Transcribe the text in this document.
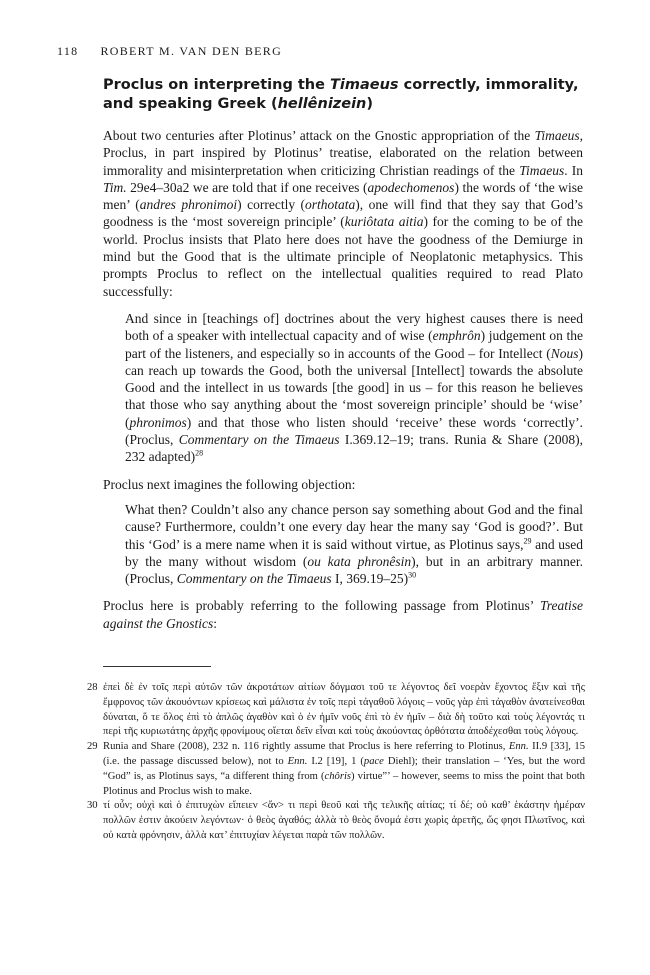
118 ROBERT M. VAN DEN BERG
Proclus on interpreting the Timaeus correctly, immorality, and speaking Greek (hellênizein)

About two centuries after Plotinus’ attack on the Gnostic appropriation of the Timaeus, Proclus, in part inspired by Plotinus’ treatise, elaborated on the relation between immorality and misinterpretation when criticizing Christian readings of the Timaeus. In Tim. 29e4–30a2 we are told that if one receives (apodechomenos) the words of ‘the wise men’ (andres phronimoi) correctly (orthotata), one will find that they say that God’s goodness is the ‘most sovereign principle’ (kuriôtata aitia) for the coming to be of the world. Proclus insists that Plato here does not have the goodness of the Demiurge in mind but the Good that is the ultimate principle of Neoplatonic metaphysics. This prompts Proclus to reflect on the intellectual qualities required to read Plato successfully:

And since in [teachings of] doctrines about the very highest causes there is need both of a speaker with intellectual capacity and of wise (emphrôn) judgement on the part of the listeners, and especially so in accounts of the Good – for Intellect (Nous) can reach up towards the Good, both the universal [Intellect] towards the absolute Good and the intellect in us towards [the good] in us – for this reason he believes that those who say anything about the ‘most sovereign principle’ should be ‘wise’ (phronimos) and that those who listen should ‘receive’ these words ‘correctly’. (Proclus, Commentary on the Timaeus I.369.12–19; trans. Runia & Share (2008), 232 adapted)$^{28}$

Proclus next imagines the following objection:

What then? Couldn’t also any chance person say something about God and the final cause? Furthermore, couldn’t one every day hear the many say ‘God is good?’. But this ‘God’ is a mere name when it is said without virtue, as Plotinus says,$^{29}$ and used by the many without wisdom (ou kata phronêsin), but in an arbitrary manner. (Proclus, Commentary on the Timaeus I, 369.19–25)$^{30}$

Proclus here is probably referring to the following passage from Plotinus’ Treatise against the Gnostics:

28 ἐπεὶ δὲ ἐν τοῖς περὶ αὐτῶν τῶν ἀκροτάτων αἰτίων δόγμασι τοῦ τε λέγοντος δεῖ νοερὰν ἔχοντος ἕξιν καὶ τῆς ἔμφρονος τῶν ἀκουόντων κρίσεως καὶ μάλιστα ἐν τοῖς περὶ τἀγαθοῦ λόγοις – νοῦς γὰρ ἐπὶ τἀγαθὸν ἀνατείνεσθαι δύναται, ὅ τε ὅλος ἐπὶ τὸ ἁπλῶς ἀγαθὸν καὶ ὁ ἐν ἡμῖν νοῦς ἐπὶ τὸ ἐν ἡμῖν – διὰ δὴ τοῦτο καὶ τοὺς λέγοντάς τι περὶ τῆς κυριωτάτης ἀρχῆς φρονίμους οἴεται δεῖν εἶναι καὶ τοὺς ἀκούοντας ὀρθότατα ἀποδέχεσθαι τοὺς λόγους.
29 Runia and Share (2008), 232 n. 116 rightly assume that Proclus is here referring to Plotinus, Enn. II.9 [33], 15 (i.e. the passage discussed below), not to Enn. I.2 [19], 1 (pace Diehl); their translation – ‘Yes, but the word “God” is, as Plotinus says, “a different thing from (chôris) virtue”’ – however, seems to miss the point that both Plotinus and Proclus wish to make.
30 τί οὖν; οὐχὶ καὶ ὁ ἐπιτυχὼν εἴπειεν <ἄν> τι περὶ θεοῦ καὶ τῆς τελικῆς αἰτίας; τί δέ; οὐ καθ’ ἑκάστην ἡμέραν πολλῶν ἐστιν ἀκούειν λεγόντων· ὁ θεὸς ἀγαθός; ἀλλὰ τὸ θεὸς ὄνομά ἐστι χωρὶς ἀρετῆς, ὥς φησι Πλωτῖνος, καὶ οὐ κατὰ φρόνησιν, ἀλλὰ κατ’ ἐπιτυχίαν λέγεται παρὰ τῶν πολλῶν.
